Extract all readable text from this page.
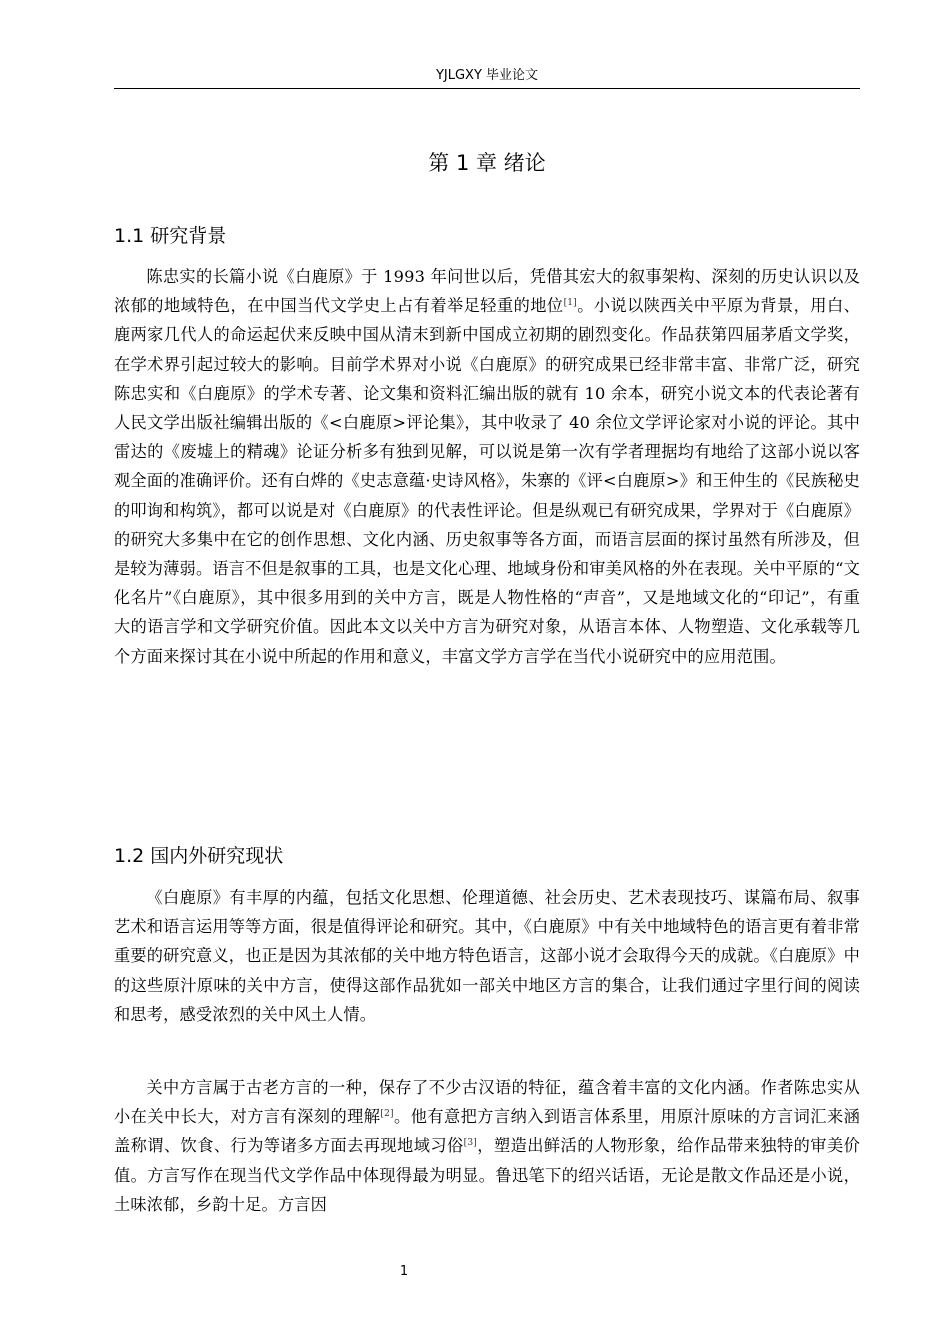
YJLGXY 毕业论文
第 1 章 绪论
1.1 研究背景

陈忠实的长篇小说《白鹿原》于 1993 年问世以后，凭借其宏大的叙事架构、深刻的历史认识以及浓郁的地域特色，在中国当代文学史上占有着举足轻重的地位[1]。小说以陕西关中平原为背景，用白、鹿两家几代人的命运起伏来反映中国从清末到新中国成立初期的剧烈变化。作品获第四届茅盾文学奖，在学术界引起过较大的影响。目前学术界对小说《白鹿原》的研究成果已经非常丰富、非常广泛，研究陈忠实和《白鹿原》的学术专著、论文集和资料汇编出版的就有 10 余本，研究小说文本的代表论著有人民文学出版社编辑出版的《<白鹿原>评论集》，其中收录了 40 余位文学评论家对小说的评论。其中雷达的《废墟上的精魂》论证分析多有独到见解，可以说是第一次有学者理据均有地给了这部小说以客观全面的准确评价。还有白烨的《史志意蕴·史诗风格》，朱寨的《评<白鹿原>》和王仲生的《民族秘史的叩询和构筑》，都可以说是对《白鹿原》的代表性评论。但是纵观已有研究成果，学界对于《白鹿原》的研究大多集中在它的创作思想、文化内涵、历史叙事等各方面，而语言层面的探讨虽然有所涉及，但是较为薄弱。语言不但是叙事的工具，也是文化心理、地域身份和审美风格的外在表现。关中平原的“文化名片”《白鹿原》，其中很多用到的关中方言，既是人物性格的“声音”，又是地域文化的“印记”，有重大的语言学和文学研究价值。因此本文以关中方言为研究对象，从语言本体、人物塑造、文化承载等几个方面来探讨其在小说中所起的作用和意义，丰富文学方言学在当代小说研究中的应用范围。

1.2 国内外研究现状

《白鹿原》有丰厚的内蕴，包括文化思想、伦理道德、社会历史、艺术表现技巧、谋篇布局、叙事艺术和语言运用等等方面，很是值得评论和研究。其中，《白鹿原》中有关中地域特色的语言更有着非常重要的研究意义，也正是因为其浓郁的关中地方特色语言，这部小说才会取得今天的成就。《白鹿原》中的这些原汁原味的关中方言，使得这部作品犹如一部关中地区方言的集合，让我们通过字里行间的阅读和思考，感受浓烈的关中风土人情。

关中方言属于古老方言的一种，保存了不少古汉语的特征，蕴含着丰富的文化内涵。作者陈忠实从小在关中长大，对方言有深刻的理解[2]。他有意把方言纳入到语言体系里，用原汁原味的方言词汇来涵盖称谓、饮食、行为等诸多方面去再现地域习俗[3]，塑造出鲜活的人物形象，给作品带来独特的审美价值。方言写作在现当代文学作品中体现得最为明显。鲁迅笔下的绍兴话语，无论是散文作品还是小说，土味浓郁，乡韵十足。方言因

1
